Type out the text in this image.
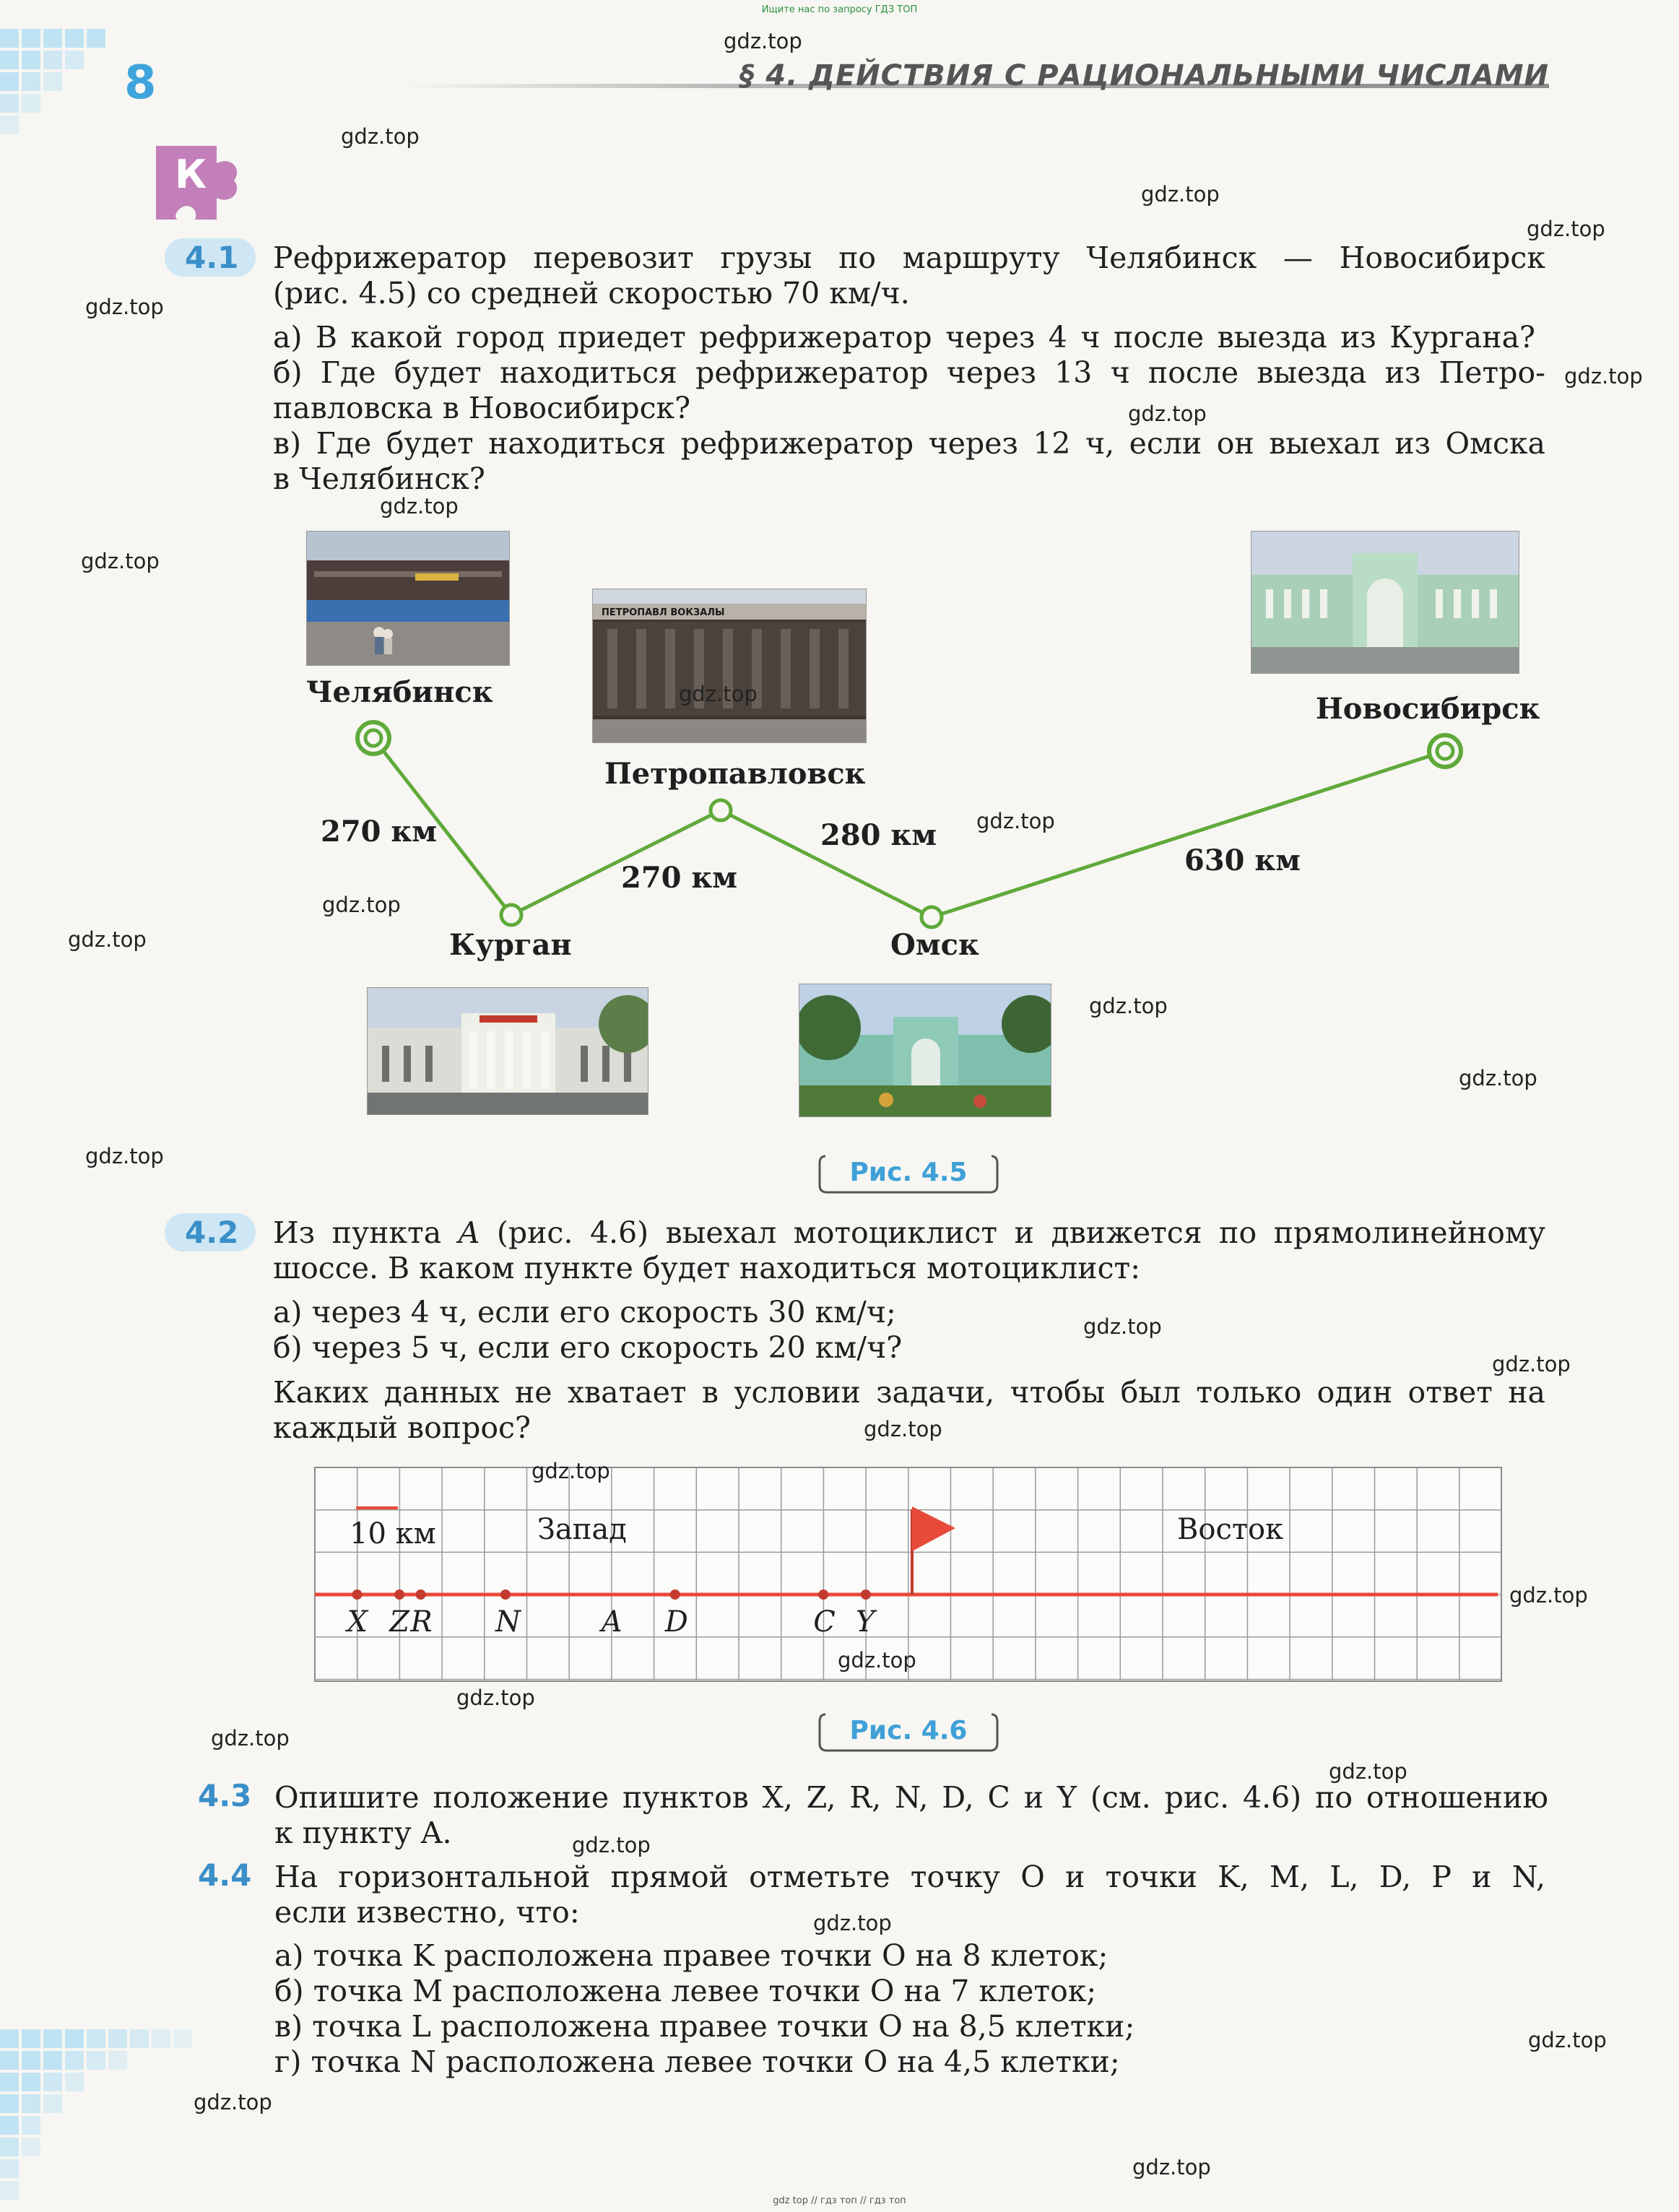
Ищите нас по запросу ГДЗ ТОП
8	§ 4. ДЕЙСТВИЯ С РАЦИОНАЛЬНЫМИ ЧИСЛАМИ
К
4.1	Рефрижератор перевозит грузы по маршруту Челябинск — Новосибирск
(рис. 4.5) со средней скоростью 70 км/ч.
а) В какой город приедет рефрижератор через 4 ч после выезда из Кургана?
б) Где будет находиться рефрижератор через 13 ч после выезда из Петро-
павловска в Новосибирск?
в) Где будет находиться рефрижератор через 12 ч, если он выехал из Омска
в Челябинск?
ПЕТРОПАВЛ ВОКЗАЛЫ
Челябинск
Петропавловск
Новосибирск
Курган	Омск
270 км
270 км
280 км
630 км
Рис. 4.5
4.2	Из пункта A (рис. 4.6) выехал мотоциклист и движется по прямолинейному
шоссе. В каком пункте будет находиться мотоциклист:
а) через 4 ч, если его скорость 30 км/ч;
б) через 5 ч, если его скорость 20 км/ч?
Каких данных не хватает в условии задачи, чтобы был только один ответ на
каждый вопрос?
10 км	Запад	Восток
X Z R N	A D	C Y
Рис. 4.6
4.3 Опишите положение пунктов X, Z, R, N, D, C и Y (см. рис. 4.6) по отношению
к пункту A.
4.4 На горизонтальной прямой отметьте точку O и точки K, M, L, D, P и N,
если известно, что:
а) точка K расположена правее точки O на 8 клеток;
б) точка M расположена левее точки O на 7 клеток;
в) точка L расположена правее точки O на 8,5 клетки;
г) точка N расположена левее точки O на 4,5 клетки;
gdz.top
gdz.top
gdz.top
gdz.top
gdz.top
gdz.top
gdz.top
gdz.top
gdz.top
gdz.top
gdz.top
gdz.top
gdz.top
gdz.top
gdz.top
gdz.top
gdz.top
gdz.top
gdz.top
gdz.top
gdz.top
gdz.top
gdz.top
gdz.top
gdz.top
gdz.top
gdz.top
gdz.top
gdz.top
gdz.top
gdz top // гдз топ // гдз топ
